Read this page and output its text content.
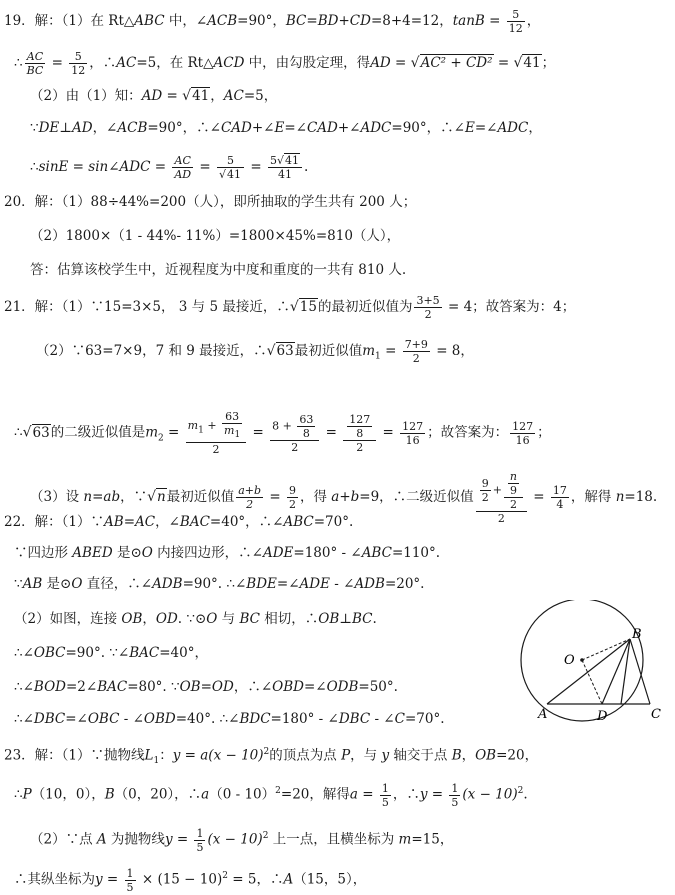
19．解：（1）在 Rt△ABC 中，∠ACB=90°，BC=BD+CD=8+4=12，$\tan B = \frac{5}{12}$ ，
∴ $\frac{AC}{BC} = \frac{5}{12}$ ，∴AC=5，在 Rt△ACD 中，由勾股定理，得AD = √AC² + CD² = √41；
（2）由（1）知：AD = √41，AC=5，
∵DE⊥AD，∠ACB=90°，∴∠CAD+∠E=∠CAD+∠ADC=90°，∴∠E=∠ADC，
∴sinE = sin∠ADC = $\frac{AC}{AD} = \frac{5}{√41} = \frac{5√41}{41}$ .
20．解：（1）88÷44%=200（人），即所抽取的学生共有 200 人；
（2）1800×（1 - 44%- 11%）=1800×45%=810（人），
答：估算该校学生中，近视程度为中度和重度的一共有 810 人.
21．解：（1）∵15=3×5， 3 与 5 最接近，∴√15的最初近似值为 $\frac{3+5}{2} = 4$；故答案为：4；
（2）∵63=7×9，7 和 9 最接近，∴√63最初近似值$m_1 = \frac{7+9}{2} = 8$，
∴√63的二级近似值是$m_2 = \frac{m_1 + \frac{63}{m_1}}{2} = \frac{8 + \frac{63}{8}}{2} = \frac{\frac{127}{8}}{2} = \frac{127}{16}$ ；故答案为： $\frac{127}{16}$ ；
（3）设 n=ab，∵√n最初近似值 $\frac{a+b}{2} = \frac{9}{2}$ ，得 a+b=9，∴二级近似值 $\frac{\frac{9}{2} + \frac{\frac{n}{9}}{2}}{2} = \frac{17}{4}$ ，解得 n=18.
22．解：（1）∵AB=AC，∠BAC=40°，∴∠ABC=70°.
∵四边形 ABED 是⊙O 内接四边形，∴∠ADE=180° - ∠ABC=110°.
∵AB 是⊙O 直径，∴∠ADB=90°. ∴∠BDE=∠ADE - ∠ADB=20°.
（2）如图，连接 OB，OD. ∵⊙O 与 BC 相切，∴OB⊥BC.
∴∠OBC=90°. ∵∠BAC=40°，
∴∠BOD=2∠BAC=80°. ∵OB=OD，∴∠OBD=∠ODB=50°.
∴∠DBC=∠OBC - ∠OBD=40°. ∴∠BDC=180° - ∠DBC - ∠C=70°.
B
O
A	D	C
23．解：（1）∵抛物线$L_1$：$y = a(x - 10)^2$的顶点为点 P，与 y 轴交于点 B，OB=20，
∴P（10，0），B（0，20），∴a（0 - 10）$^2$=20，解得$a = \frac{1}{5}$ ，∴y = $\frac{1}{5} (x - 10)^2$.
（2）∵点 A 为抛物线$y = \frac{1}{5} (x - 10)^2$ 上一点，且横坐标为 m=15，
∴其纵坐标为$y = \frac{1}{5} \times (15 - 10)^2 = 5$，∴A（15，5），
